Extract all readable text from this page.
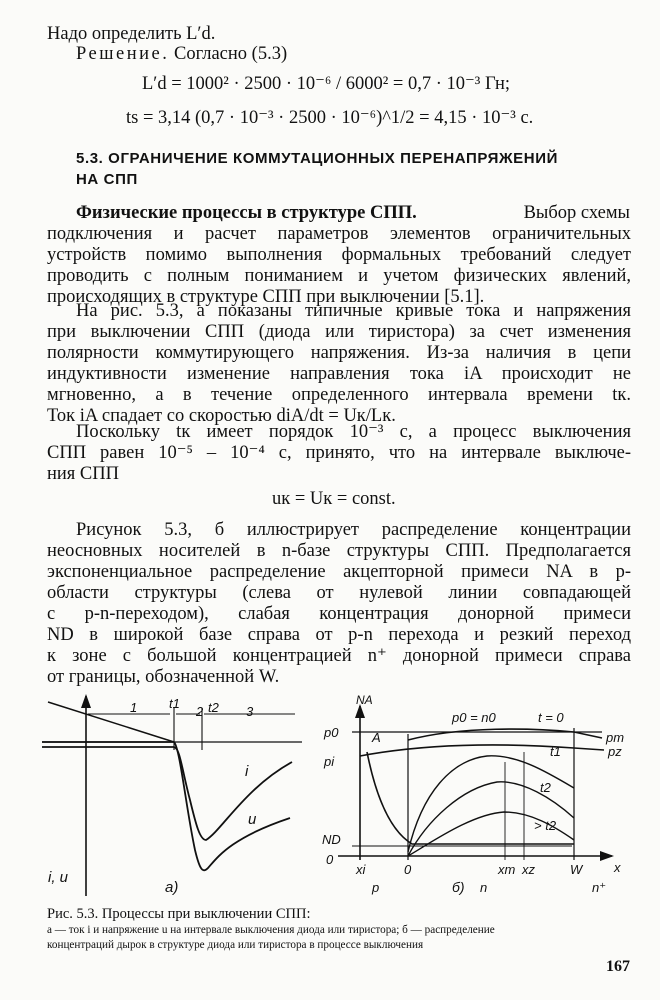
Надо определить L′d.
Решение. Согласно (5.3)
L′d = 1000² · 2500 · 10⁻⁶ / 6000² = 0,7 · 10⁻³ Гн;
ts = 3,14 (0,7 · 10⁻³ · 2500 · 10⁻⁶)^1/2 = 4,15 · 10⁻³ с.
5.3. ОГРАНИЧЕНИЕ КОММУТАЦИОННЫХ ПЕРЕНАПРЯЖЕНИЙ
НА СПП
Физические процессы в структуре СПП.	Выбор схемы
подключения и расчет параметров элементов ограничительных
устройств помимо выполнения формальных требований следует
проводить с полным пониманием и учетом физических явлений,
происходящих в структуре СПП при выключении [5.1].
На рис. 5.3, а показаны типичные кривые тока и напряжения
при выключении СПП (диода или тиристора) за счет изменения
полярности коммутирующего напряжения. Из-за наличия в цепи
индуктивности изменение направления тока iA происходит не
мгновенно, а в течение определенного интервала времени tк.
Ток iA спадает со скоростью diA/dt = Uк/Lк.
Поскольку tк имеет порядок 10⁻³ с, а процесс выключения
СПП равен 10⁻⁵ – 10⁻⁴ с, принято, что на интервале выключе-
ния СПП
uк = Uк = const.
Рисунок 5.3, б иллюстрирует распределение концентрации
неосновных носителей в n-базе структуры СПП. Предполагается
экспоненциальное распределение акцепторной примеси NA в p-
области структуры (слева от нулевой линии совпадающей
с p-n-переходом), слабая концентрация донорной примеси
ND в широкой базе справа от p-n перехода и резкий переход
к зоне с большой концентрацией n⁺ донорной примеси справа
от границы, обозначенной W.
1	2	3
t1 t2
i
u
i, u
а)
NA
x
p0 = n0	t = 0
p0
pi
ND
0
pm
pz
A
t1
t2
> t2
xi	0	xm xz	W
p	n	n⁺
б)
Рис. 5.3. Процессы при выключении СПП:
а — ток i и напряжение u на интервале выключения диода или тиристора; б — распределение
концентраций дырок в структуре диода или тиристора в процессе выключения
167
